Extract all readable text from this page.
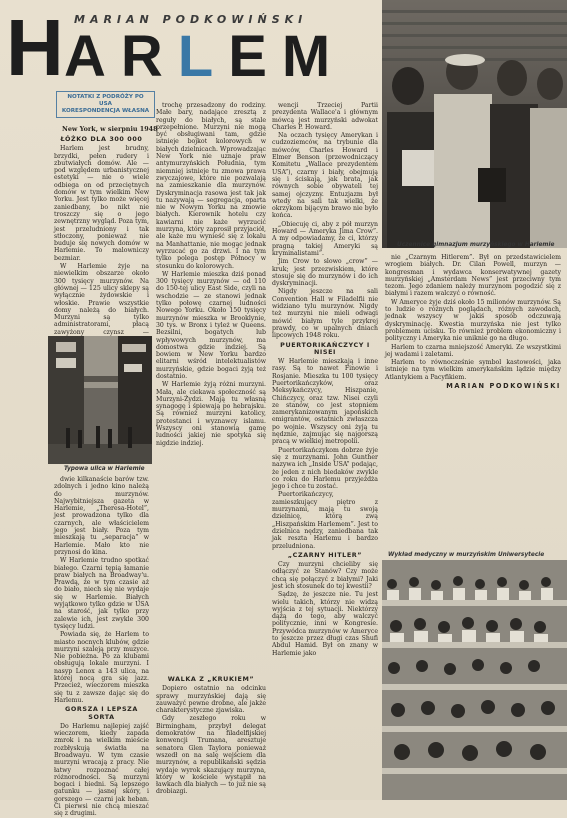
MARIAN PODKOWIŃSKI
H ARLEM
NOTATKI Z PODRÓŻY PO USA
KORESPONDENCJA WŁASNA
Uczennice gimnazjum murzyńskiego w Harlemie
New York, w sierpniu 1948
ŁÓŻKO DLA 300 000

Harlem jest brudny, brzydki, pełen rudery i zbutwiałych domów. Ale — pod względem urbanistycznej estetyki — nie o wiele odbiega on od przeciętnych domów w tym wielkim New Yorku. Jest tylko może więcej zaniedbany, bo nikt nie troszczy się o jego zewnętrzny wygląd. Poza tym, jest przeludniony i tak stłoczony, ponieważ nie buduje się nowych domów w Harlemie. To malowniczy bezmiar.

W Harlemie żyje na niewielkim obszarze około 300 tysięcy murzynów. Na głównej — 125 ulicy sklepy są wyłącznie żydowskie i włoskie. Prawie wszystkie domy należą do białych. Murzyni są tylko administratorami, płacą zawyżony czynsz —

Typowa ulica w Harlemie

dwie kilkanaście barów tzw. zdolnych i jedno kino należą do murzynów. Najwybitniejsza gazeta w Harlemie, „Theresa-Hotel”, jest prowadzona tylko dla czarnych, ale właścicielem jego jest biały. Poza tym mieszkają tu „separacja” w Harlemie. Mało kto nie przynosi do kina.

W Harlemie trudno spotkać białego. Czarni tępią łamanie praw białych na Broadway'u. Prawdą, że w tym czasie aż do biało, niech się nie wydaje się w Harlemie. Białych wyjątkowo tylko gdzie w USA na starość, jak tylko przy zalewie ich, jest zwykle 300 tysięcy ludzi.

Powiada się, że Harlem to miasto nocnych klubów, gdzie murzyni szaleją przy muzyce. Nie pobieżna. Po za klubami obsługują lokale murzyni. I nasyp Lenox a 143 ulica, na której nocą gra się jazz. Przecież, wieczorem mieszka się tu z zawsze dając się do Harlemu.

GORSZA I LEPSZA SORTA

Do Harlemu najlepiej zajść wieczorem, kiedy zapada zmrok i na wielkim mieście rozbłyskują światła na Broadwayu. W tym czasie murzyni wracają z pracy. Nie łatwy rozpoznać całej różnorodności. Są murzyni bogaci i biedni. Są lepszego gatunku — jasnej skóry, i gorszego — czarni jak heban. Ci pierwsi nie chcą mieszać się z drugimi.

trochę przesadzony do rodziny. Małe bary, nadające zresztą z reguły do białych, są stale przepełnione. Murzyni nie mogą być obsługiwani tam, gdzie istnieje bojkot kolorowych w białych dzielnicach. Wprowadzając New York nie uznaje praw antymurzyńskich Południa, tym niemniej istnieje tu zmowa prawa zwyczajowe, które nie pozwalają na zamieszkanie dla murzynów. Dyskryminacja rasowa jest tak jak tu nazywają — segregacja, oparta nie w Nowym Yorku na zmowie białych. Kierownik hotelu czy kawiarni nie każe wyrzucić murzyna, który zaprosił przyjaciół, ale każe mu wynieść się z lokalu na Manhattanie, nie mogąc jednak wyrzucać go za drzwi. I na tym tylko polega postęp Północy w stosunku do kolorowych.

W Harlemie mieszka dziś ponad 300 tysięcy murzynów — od 110 do 150-tej ulicy East Side, czyli na wschodzie — ze stanowi jednak tylko połowę czarnej ludności Nowego Yorku. Około 150 tysięcy murzynów mieszka w Brooklynie, 30 tys. w Bronx i tyleż w Queens. Bezsilni, bogatych lub wpływowych murzynów, ma domostwa gdzie indziej. Są bowiem w New Yorku bardzo elitarni wśród intelektualistów murzyńskie, gdzie bogaci żyją też dostatnio.

W Harlemie żyją różni murzyni. Mała, ale ciekawa społeczność są Murzyni-Żydzi. Mają tu własną synagogę i śpiewają po hebrajsku. Są również murzyni katolicy, protestanci i wyznawcy islamu. Wszyscy oni stanowią gamę ludności jakiej nie spotyka się nigdzie indziej.

WALKA Z „KRUKIEM”

Dopiero ostatnio na odcinku sprawy murzyńskiej dają się zauważyć pewne drobne, ale jakże charakterystyczne zjawiska.

Gdy zeszłego roku w Birmingham, przybył delegat demokratów na filadelfijskiej konwencji Trumana, aresztuje senatora Glen Taylora ponieważ wszedł on na salę wejściem dla murzynów, a republikański sędzia wydaje wyrok skazujący murzyna, który w kościele wystąpił na ławkach dla białych — to już nie są drobiazgi.

wencji Trzeciej Partii prezydenta Wallace'a i głównym mówcą jest murzyński adwokat Charles P. Howard.

Na oczach tysięcy Amerykan i cudzoziemców, na trybunie dla mówców, Charles Howard i Elmer Benson (przewodniczący Komitetu „Wallace prezydentem USA”), czarny i biały, obejmują się i ściskają, jak brata, jak równych sobie obywateli tej samej ojczyzny. Entuzjazm był wtedy na sali tak wielki, że okrzykom bijącym brawo nie było końca.

„Obiecuję ci, aby z pół murzyn Howard — Ameryka Jima Crow”. A my odpowiadamy, że ci, którzy pragną takiej Ameryki są kryminalistami”.

Jim Crow to slowo „crow” — kruk; jest przezwiskiem, które stosuje się do murzynów i do ich dyskryminacji.

Nigdy jeszcze na sali Convention Hall w Filadelfii nie widziano tylu murzynów. Nigdy też murzyni nie mieli odwagi mówić białym tyle przykrej prawdy, co w upalnych dniach lipcowych 1948 roku.

PUERTORIKAŃCZYCY I NISEI

W Harlemie mieszkają i inne rasy. Są to nawet Finowie i Rosjanie. Mieszka tu 100 tysięcy Puertorikańczyków, oraz Meksykańczycy, Hiszpanie, Chińczycy, oraz tzw. Nisei czyli ze stanów, co jest stopniem zamerykanizowanym japońskich emigrantów, ostatnich zwłaszcza po wojnie. Wszyscy oni żyją tu nędznie, zajmując się najgorszą pracą w wielkiej metropolii.

Puertorikańczykom dobrze żyje się z murzynami. John Gunther nazywa ich „Inside USA” podając, że jeden z nich biedaków zwykle co roku do Harlemu przyjeżdża jego i chce tu zostać.

Puertorikańczycy, zamieszkujący piętro z murzynami, mają tu swoją dzielnicę, którą zwą „Hiszpańskim Harlemem”. Jest to dzielnica nędzy, zaniedbana tak jak reszta Harlemu i bardzo przeludniona.

„CZARNY HITLER”

Czy murzyni chcieliby się odłączyć ze Stanów? Czy może chcą się połączyć z białymi? Jaki jest ich stosunek do tej kwestii?

Sądzę, że jeszcze nie. Tu jest wielu takich, którzy nie widzą wyjścia z tej sytuacji. Niektórzy dążą do tego, aby walczyć politycznie, inni w Kongresie. Przywódca murzynów w Ameryce to jeszcze przez długi czas Shufi Abdul Hamid. Był on znany w Harlemie jako

nie „Czarnym Hitlerem”. Był on przedstawicielem wrogiem białych. Dr. Cilan Powell, murzyn — kongresman i wydawca konserwatywnej gazety murzyńskiej „Amsterdam News” jest przeciwny tym tezom. Jego zdaniem należy murzynom pogodzić się z białymi i razem walczyć o równość.

W Ameryce żyje dziś około 15 milionów murzynów. Są to ludzie o różnych poglądach, różnych zawodach, jednak wszyscy w jakiś sposób odczuwają dyskryminację. Kwestia murzyńska nie jest tylko problemem ucisku. To również problem ekonomiczny i polityczny i Ameryka nie uniknie go na długo.

Harlem to czarna mniejszość Ameryki. Ze wszystkimi jej wadami i zaletami.

Harlem to równocześnie symbol kastowości, jaka istnieje na tym wielkim amerykańskim lądzie między Atlantykiem a Pacyfikiem.

MARIAN PODKOWIŃSKI
Wykład medyczny w murzyńskim Uniwersytecie
